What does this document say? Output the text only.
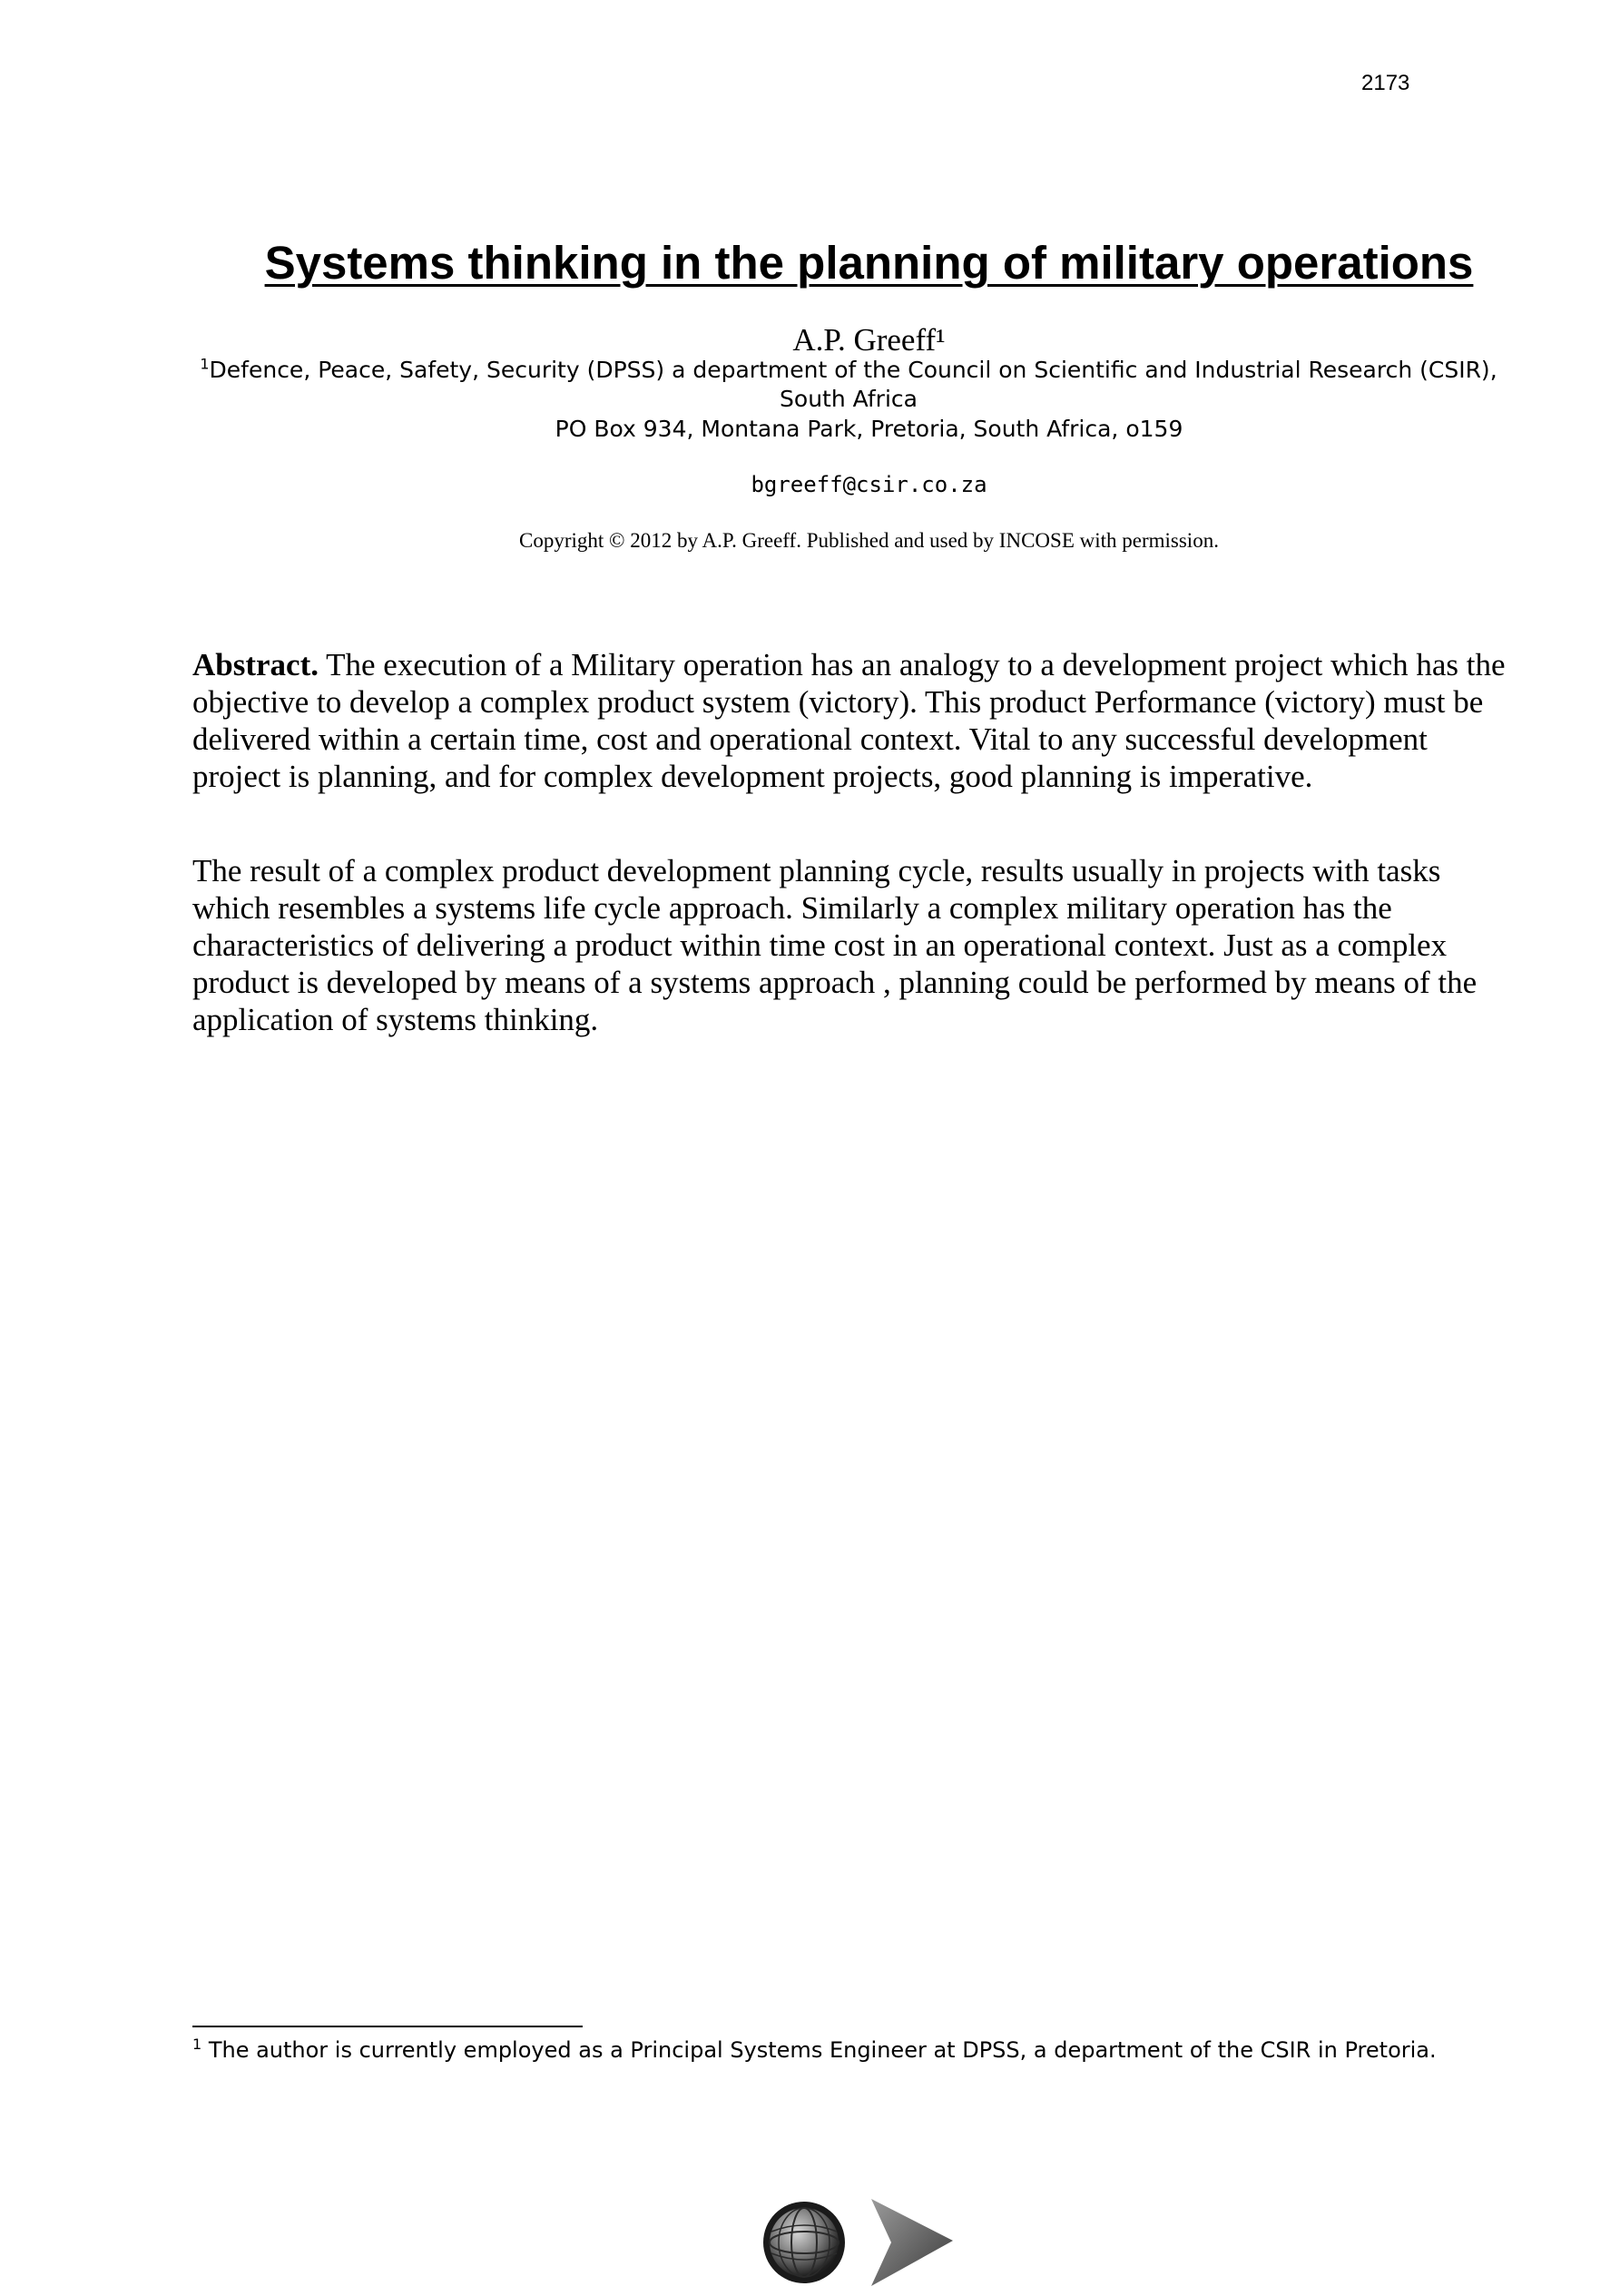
2173
Systems thinking in the planning of military operations
A.P. Greeff¹
$^1$Defence, Peace, Safety, Security (DPSS) a department of the Council on Scientific and Industrial Research (CSIR), South Africa
PO Box 934, Montana Park, Pretoria, South Africa, o159
bgreeff@csir.co.za
Copyright © 2012 by A.P. Greeff. Published and used by INCOSE with permission.

Abstract. The execution of a Military operation has an analogy to a development project which has the objective to develop a complex product system (victory). This product Performance (victory) must be delivered within a certain time, cost and operational context. Vital to any successful development project is planning, and for complex development projects, good planning is imperative.

The result of a complex product development planning cycle, results usually in projects with tasks which resembles a systems life cycle approach. Similarly a complex military operation has the characteristics of delivering a product within time cost in an operational context. Just as a complex product is developed by means of a systems approach , planning could be performed by means of the application of systems thinking.

$^1$ The author is currently employed as a Principal Systems Engineer at DPSS, a department of the CSIR in Pretoria.
